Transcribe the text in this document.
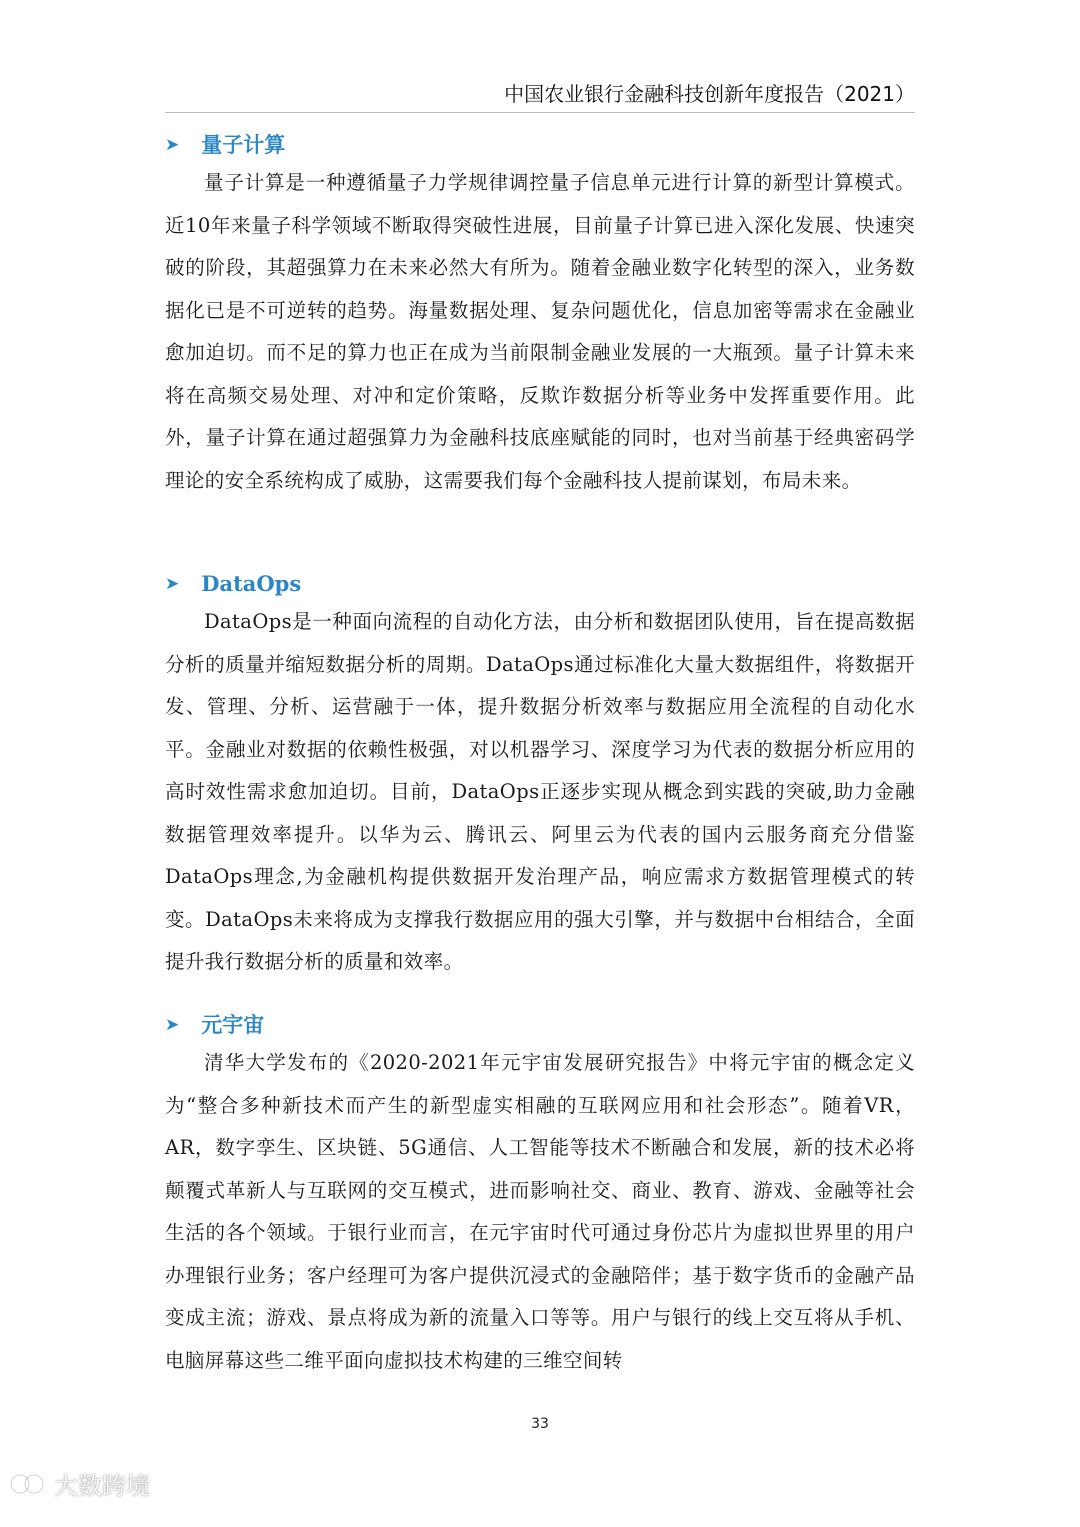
中国农业银行金融科技创新年度报告（2021）
➤ 量子计算

量子计算是一种遵循量子力学规律调控量子信息单元进行计算的新型计算模式。近10年来量子科学领域不断取得突破性进展，目前量子计算已进入深化发展、快速突破的阶段，其超强算力在未来必然大有所为。随着金融业数字化转型的深入，业务数据化已是不可逆转的趋势。海量数据处理、复杂问题优化，信息加密等需求在金融业愈加迫切。而不足的算力也正在成为当前限制金融业发展的一大瓶颈。量子计算未来将在高频交易处理、对冲和定价策略，反欺诈数据分析等业务中发挥重要作用。此外，量子计算在通过超强算力为金融科技底座赋能的同时，也对当前基于经典密码学理论的安全系统构成了威胁，这需要我们每个金融科技人提前谋划，布局未来。

➤ DataOps

DataOps是一种面向流程的自动化方法，由分析和数据团队使用，旨在提高数据分析的质量并缩短数据分析的周期。DataOps通过标准化大量大数据组件，将数据开发、管理、分析、运营融于一体，提升数据分析效率与数据应用全流程的自动化水平。金融业对数据的依赖性极强，对以机器学习、深度学习为代表的数据分析应用的高时效性需求愈加迫切。目前，DataOps正逐步实现从概念到实践的突破,助力金融数据管理效率提升。以华为云、腾讯云、阿里云为代表的国内云服务商充分借鉴DataOps理念,为金融机构提供数据开发治理产品，响应需求方数据管理模式的转变。DataOps未来将成为支撑我行数据应用的强大引擎，并与数据中台相结合，全面提升我行数据分析的质量和效率。

➤ 元宇宙

清华大学发布的《2020-2021年元宇宙发展研究报告》中将元宇宙的概念定义为“整合多种新技术而产生的新型虚实相融的互联网应用和社会形态”。随着VR，AR，数字孪生、区块链、5G通信、人工智能等技术不断融合和发展，新的技术必将颠覆式革新人与互联网的交互模式，进而影响社交、商业、教育、游戏、金融等社会生活的各个领域。于银行业而言，在元宇宙时代可通过身份芯片为虚拟世界里的用户办理银行业务；客户经理可为客户提供沉浸式的金融陪伴；基于数字货币的金融产品变成主流；游戏、景点将成为新的流量入口等等。用户与银行的线上交互将从手机、电脑屏幕这些二维平面向虚拟技术构建的三维空间转

33
大数跨境
